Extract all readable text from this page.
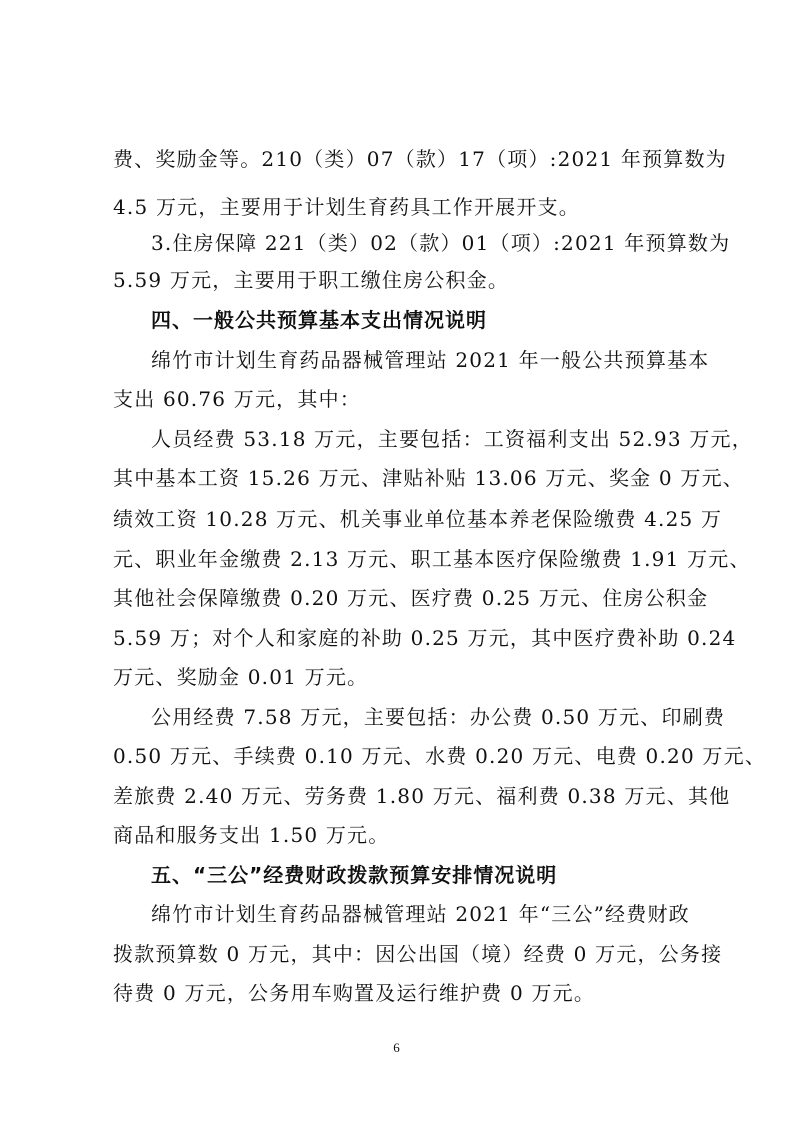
费、奖励金等。210（类）07（款）17（项）:2021 年预算数为
4.5 万元，主要用于计划生育药具工作开展开支。
3.住房保障 221（类）02（款）01（项）:2021 年预算数为
5.59 万元，主要用于职工缴住房公积金。
四、一般公共预算基本支出情况说明
绵竹市计划生育药品器械管理站 2021 年一般公共预算基本
支出 60.76 万元，其中：
人员经费 53.18 万元，主要包括：工资福利支出 52.93 万元，
其中基本工资 15.26 万元、津贴补贴 13.06 万元、奖金 0 万元、
绩效工资 10.28 万元、机关事业单位基本养老保险缴费 4.25 万
元、职业年金缴费 2.13 万元、职工基本医疗保险缴费 1.91 万元、
其他社会保障缴费 0.20 万元、医疗费 0.25 万元、住房公积金
5.59 万；对个人和家庭的补助 0.25 万元，其中医疗费补助 0.24
万元、奖励金 0.01 万元。
公用经费 7.58 万元，主要包括：办公费 0.50 万元、印刷费
0.50 万元、手续费 0.10 万元、水费 0.20 万元、电费 0.20 万元、
差旅费 2.40 万元、劳务费 1.80 万元、福利费 0.38 万元、其他
商品和服务支出 1.50 万元。
五、“三公”经费财政拨款预算安排情况说明
绵竹市计划生育药品器械管理站 2021 年“三公”经费财政
拨款预算数 0 万元，其中：因公出国（境）经费 0 万元，公务接
待费 0 万元，公务用车购置及运行维护费 0 万元。
6
